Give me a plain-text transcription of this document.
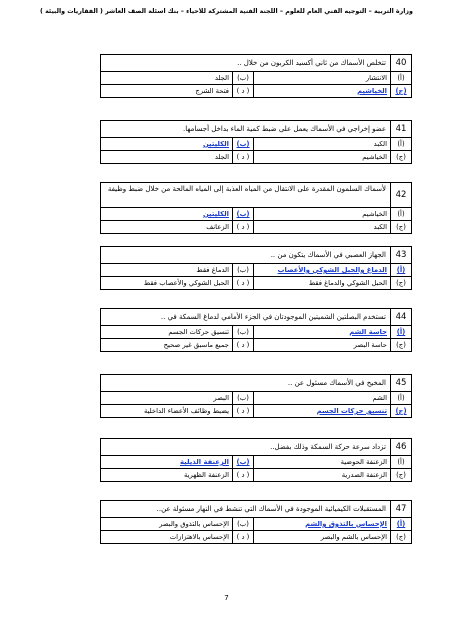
وزارة التربية – التوجيه الفني العام للعلوم – اللجنة الفنية المشتركة للأحياء – بنك أسئلة الصف العاشر ( الفقاريات والبيئة )
40
تتخلص الأسماك من ثاني أكسيد الكربون من خلال ..
(أ)
الانتشار
(ب)
الجلد
(ج)
الخياشيم
( د )
فتحة الشرج
41
عضو إخراجي في الأسماك يعمل على ضبط كمية الماء بداخل أجسامها.
(أ)
الكبد
(ب)
الكليتين
(ج)
الخياشيم
( د )
الجلد
42
لأسماك السلمون المقدرة على الانتقال من المياه العذبة إلى المياه المالحة من خلال ضبط وظيفة
(أ)
الخياشيم
(ب)
الكليتين
(ج)
الكبد
( د )
الزعانف
43
الجهاز العصبي في الأسماك يتكون من ..
(أ)
الدماغ والحبل الشوكي والأعصاب
(ب)
الدماغ فقط
(ج)
الحبل الشوكي والدماغ فقط
( د )
الحبل الشوكي والأعصاب فقط
44
تستخدم البصلتين الشميتين الموجودتان في الجزء الأمامي لدماغ السمكة في ..
(أ)
حاسة الشم
(ب)
تنسيق حركات الجسم
(ج)
حاسة البصر
( د )
جميع ماسبق غير صحيح
45
المخيخ في الأسماك مسئول عن ..
(أ)
الشم
(ب)
البصر
(ج)
تنسيق حركات الجسم
( د )
يضبط وظائف الأعضاء الداخلية
46
تزداد سرعة حركة السمكة وذلك بفضل..
(أ)
الزعنفة الحوضية
(ب)
الزعنفة الذيلية
(ج)
الزعنفة الصدرية
( د )
الزعنفة الظهرية
47
المستقبلات الكيميائية الموجودة في الأسماك التي تنشط في النهار مسئولة عن..
(أ)
الإحساس بالتذوق والشم
(ب)
الإحساس بالتذوق والبصر
(ج)
الإحساس بالشم والبصر
( د )
الإحساس بالاهتزازات
7
